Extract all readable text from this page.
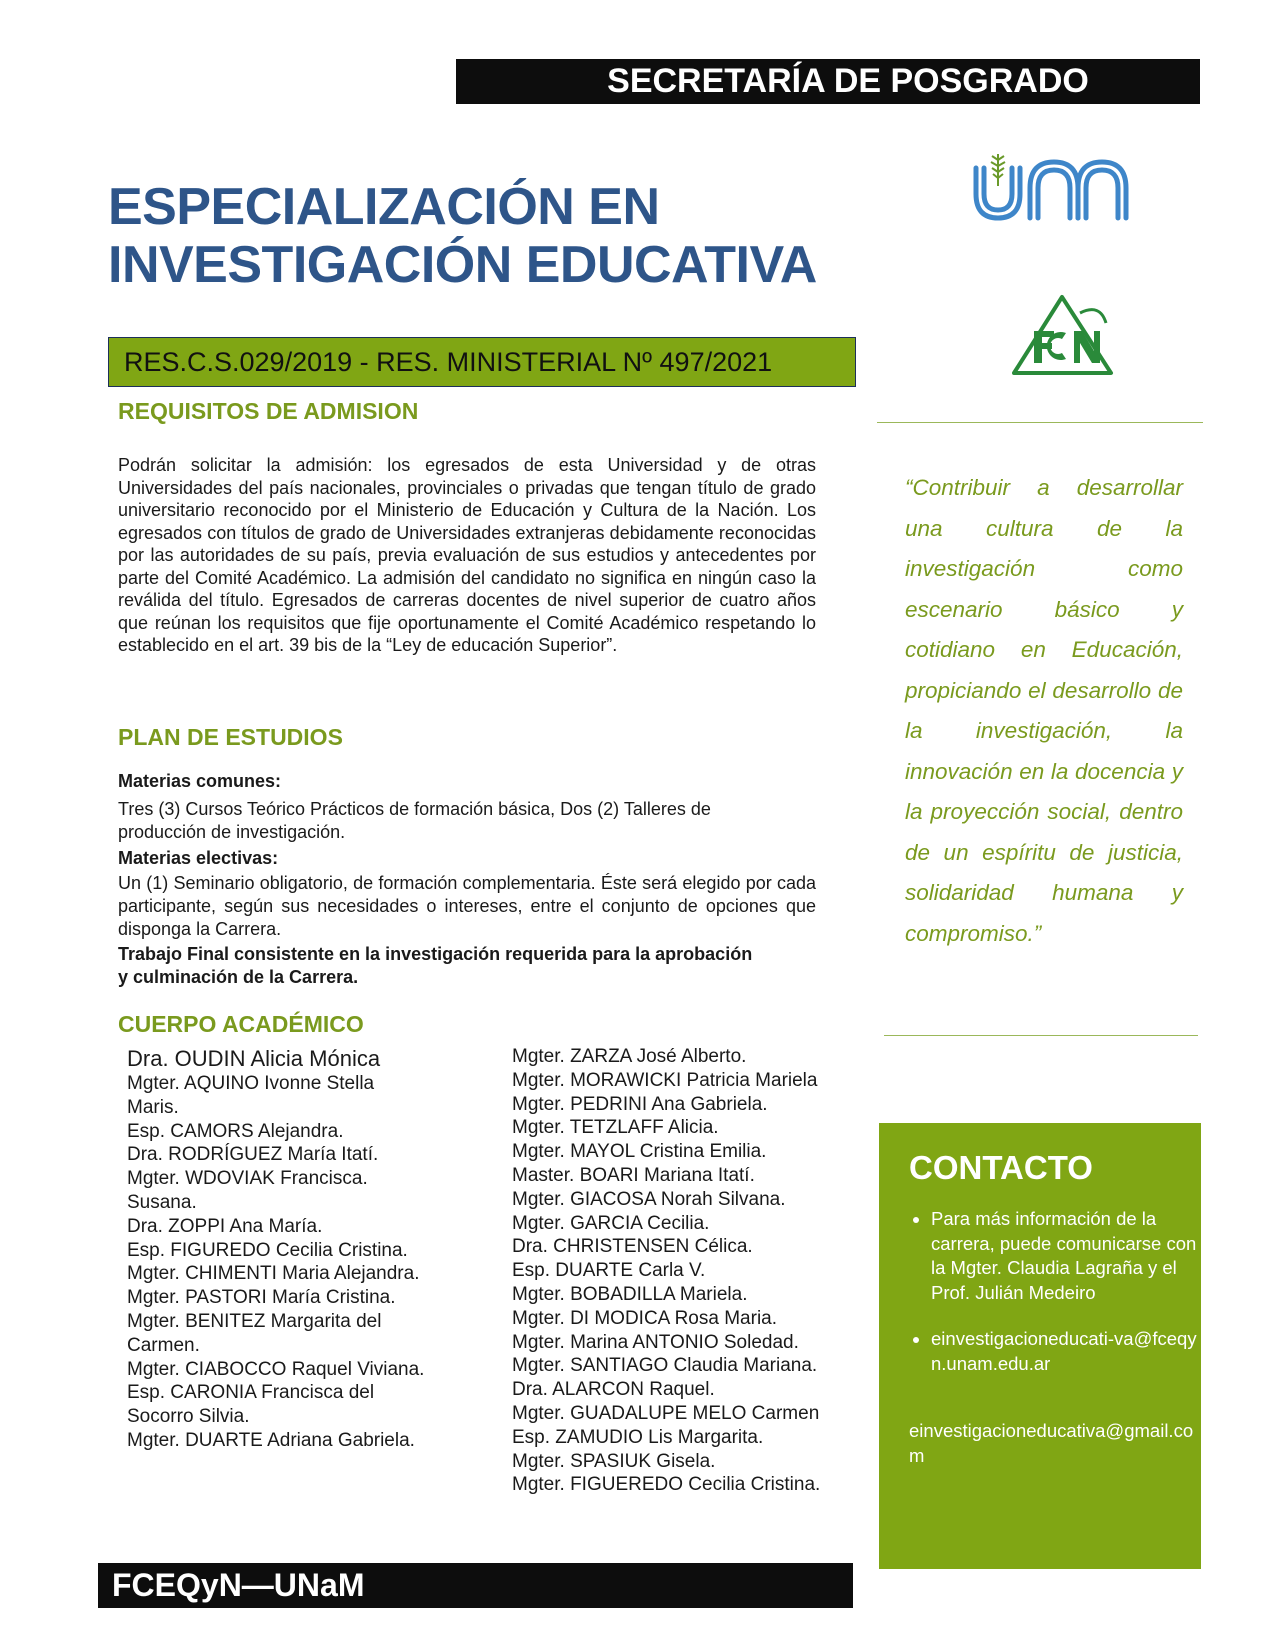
SECRETARÍA DE POSGRADO
ESPECIALIZACIÓN EN
INVESTIGACIÓN EDUCATIVA
RES.C.S.029/2019 - RES. MINISTERIAL Nº 497/2021
REQUISITOS DE ADMISION
Podrán solicitar la admisión: los egresados de esta Universidad y de otras Universidades del país nacionales, provinciales o privadas que tengan título de grado universitario reconocido por el Ministerio de Educación y Cultura de la Nación. Los egresados con títulos de grado de Universidades extranjeras debidamente reconocidas por las autoridades de su país, previa evaluación de sus estudios y antecedentes por parte del Comité Académico. La admisión del candidato no significa en ningún caso la reválida del título. Egresados de carreras docentes de nivel superior de cuatro años que reúnan los requisitos que fije oportunamente el Comité Académico respetando lo establecido en el art. 39 bis de la “Ley de educación Superior”.
PLAN DE ESTUDIOS
Materias comunes:
Tres (3) Cursos Teórico Prácticos de formación básica, Dos (2) Talleres de producción de investigación.
Materias electivas:
Un (1) Seminario obligatorio, de formación complementaria. Éste será elegido por cada participante, según sus necesidades o intereses, entre el conjunto de opciones que disponga la Carrera.
Trabajo Final consistente en la investigación requerida para la aprobación y culminación de la Carrera.
CUERPO ACADÉMICO
Dra. OUDIN Alicia Mónica
Mgter. AQUINO Ivonne Stella Maris.
Esp. CAMORS Alejandra.
Dra. RODRÍGUEZ María Itatí.
Mgter. WDOVIAK Francisca. Susana.
Dra. ZOPPI Ana María.
Esp. FIGUREDO Cecilia Cristina.
Mgter. CHIMENTI Maria Alejandra.
Mgter. PASTORI María Cristina.
Mgter. BENITEZ Margarita del Carmen.
Mgter. CIABOCCO Raquel Viviana.
Esp. CARONIA Francisca del Socorro Silvia.
Mgter. DUARTE Adriana Gabriela.
Mgter. ZARZA José Alberto.
Mgter. MORAWICKI Patricia Mariela
Mgter. PEDRINI Ana Gabriela.
Mgter. TETZLAFF Alicia.
Mgter. MAYOL Cristina Emilia.
Master. BOARI Mariana Itatí.
Mgter. GIACOSA Norah Silvana.
Mgter. GARCIA Cecilia.
Dra. CHRISTENSEN Célica.
Esp. DUARTE Carla V.
Mgter. BOBADILLA Mariela.
Mgter. DI MODICA Rosa Maria.
Mgter. Marina ANTONIO Soledad.
Mgter. SANTIAGO Claudia Mariana.
Dra. ALARCON Raquel.
Mgter. GUADALUPE MELO Carmen
Esp. ZAMUDIO Lis Margarita.
Mgter. SPASIUK Gisela.
Mgter. FIGUEREDO Cecilia Cristina.
“Contribuir a desarrollar una cultura de la investigación como escenario básico y cotidiano en Educación, propiciando el desarrollo de la investigación, la innovación en la docencia y la proyección social, dentro de un espíritu de justicia, solidaridad humana y
compromiso.”
CONTACTO
• Para más información de la carrera, puede comunicarse con la Mgter. Claudia Lagraña y el Prof. Julián Medeiro
• einvestigacioneducati-va@fceqyn.unam.edu.ar
einvestigacioneducativa@gmail.com
FCEQyN—UNaM
